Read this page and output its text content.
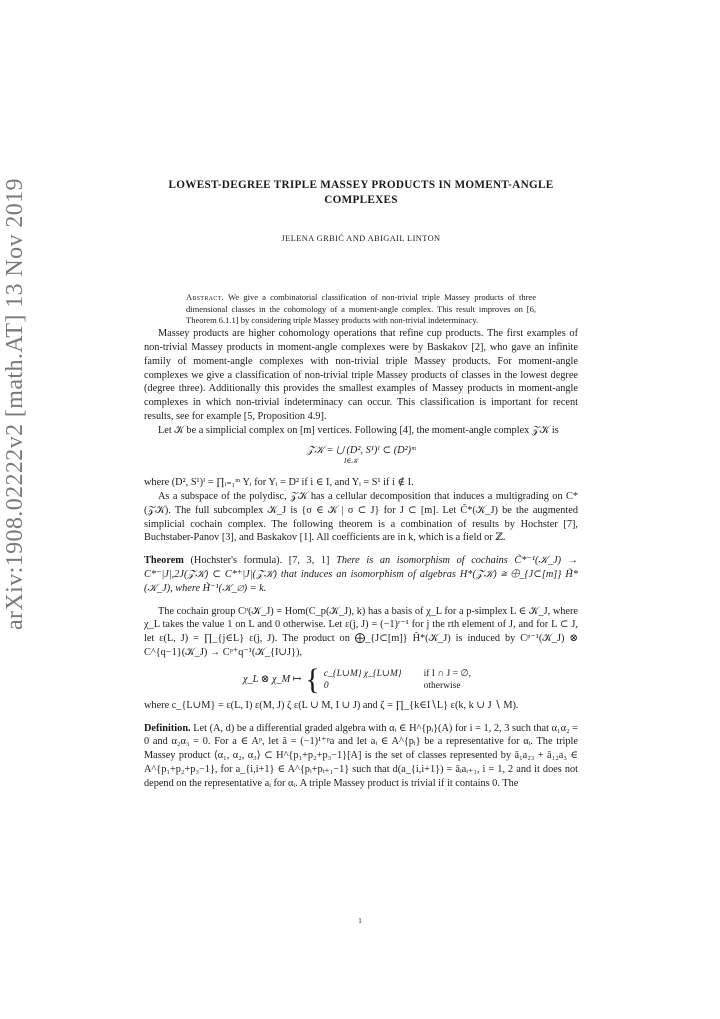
arXiv:1908.02222v2 [math.AT] 13 Nov 2019	LOWEST-DEGREE TRIPLE MASSEY PRODUCTS IN MOMENT-ANGLE COMPLEXES
JELENA GRBIĆ AND ABIGAIL LINTON
Abstract. We give a combinatorial classification of non-trivial triple Massey products of three dimensional classes in the cohomology of a moment-angle complex. This result improves on [6, Theorem 6.1.1] by considering triple Massey products with non-trivial indeterminacy.

Massey products are higher cohomology operations that refine cup products. The first examples of non-trivial Massey products in moment-angle complexes were by Baskakov [2], who gave an infinite family of moment-angle complexes with non-trivial triple Massey products. For moment-angle complexes we give a classification of non-trivial triple Massey products of classes in the lowest degree (degree three). Additionally this provides the smallest examples of Massey products in moment-angle complexes in which non-trivial indeterminacy can occur. This classification is important for recent results, see for example [5, Proposition 4.9].

Let 𝒦 be a simplicial complex on [m] vertices. Following [4], the moment-angle complex 𝒵𝒦 is

𝒵𝒦 = ⋃ (D², S¹)ᴵ ⊂ (D²)ᵐ
I∈𝒦

where (D², S¹)ᴵ = ∏ᵢ₌₁ᵐ Yᵢ for Yᵢ = D² if i ∈ I, and Yᵢ = S¹ if i ∉ I.

As a subspace of the polydisc, 𝒵𝒦 has a cellular decomposition that induces a multigrading on C*(𝒵𝒦). The full subcomplex 𝒦_J is {σ ∈ 𝒦 | σ ⊂ J} for J ⊂ [m]. Let C̃*(𝒦_J) be the augmented simplicial cochain complex. The following theorem is a combination of results by Hochster [7], Buchstaber-Panov [3], and Baskakov [1]. All coefficients are in k, which is a field or ℤ.

Theorem (Hochster's formula). [7, 3, 1] There is an isomorphism of cochains C̃*⁻¹(𝒦_J) → C*⁻|J|,2J(𝒵𝒦) ⊂ C*⁺|J|(𝒵𝒦) that induces an isomorphism of algebras H*(𝒵𝒦) ≅ ⨁_{J⊂[m]} H̃*(𝒦_J), where H̃⁻¹(𝒦_∅) = k.

The cochain group Cᵖ(𝒦_J) = Hom(C_p(𝒦_J), k) has a basis of χ_L for a p-simplex L ∈ 𝒦_J, where χ_L takes the value 1 on L and 0 otherwise. Let ε(j, J) = (−1)ʳ⁻¹ for j the rth element of J, and for L ⊂ J, let ε(L, J) = ∏_{j∈L} ε(j, J). The product on ⨁_{J⊂[m]} H̃*(𝒦_J) is induced by Cᵖ⁻¹(𝒦_J) ⊗ C^{q−1}(𝒦_J) → Cᵖ⁺q⁻¹(𝒦_{I∪J}),

χ_L ⊗ χ_M ↦ { c_{L∪M} χ_{L∪M}	if I ∩ J = ∅,
0	otherwise

where c_{L∪M} = ε(L, I) ε(M, J) ζ ε(L ∪ M, I ∪ J) and ζ = ∏_{k∈I∖L} ε(k, k ∪ J ∖ M).

Definition. Let (A, d) be a differential graded algebra with αᵢ ∈ H^{pᵢ}(A) for i = 1, 2, 3 such that α₁α₂ = 0 and α₂α₃ = 0. For a ∈ Aᵖ, let ā = (−1)¹⁺ᵖa and let aᵢ ∈ A^{pᵢ} be a representative for αᵢ. The triple Massey product ⟨α₁, α₂, α₃⟩ ⊂ H^{p₁+p₂+p₃−1}[A] is the set of classes represented by ā₁a₂₃ + ā₁₂a₃ ∈ A^{p₁+p₂+p₃−1}, for a_{i,i+1} ∈ A^{pᵢ+pᵢ₊₁−1} such that d(a_{i,i+1}) = āᵢaᵢ₊₁, i = 1, 2 and it does not depend on the representative aᵢ for αᵢ. A triple Massey product is trivial if it contains 0. The

1
